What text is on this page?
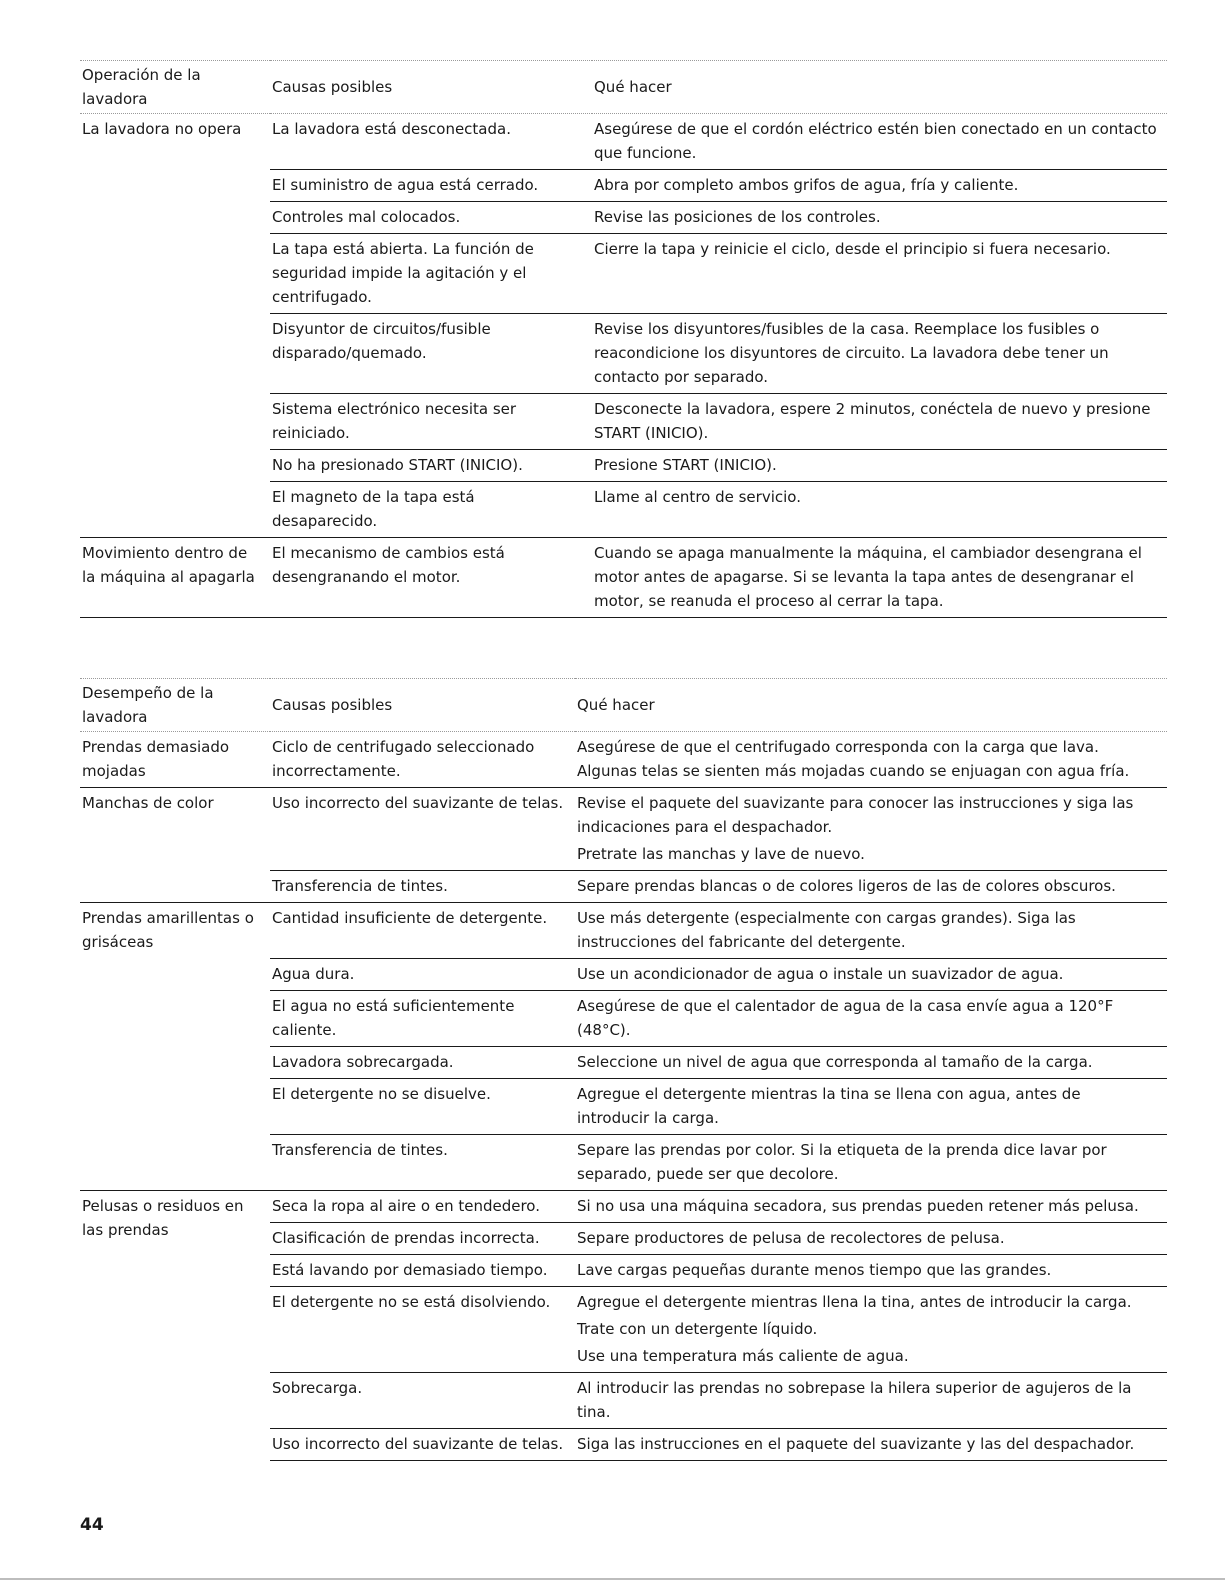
Operación de la lavadora	Causas posibles	Qué hacer
La lavadora no opera	La lavadora está desconectada.	Asegúrese de que el cordón eléctrico estén bien conectado en un contacto que funcione.

	El suministro de agua está cerrado.	Abra por completo ambos grifos de agua, fría y caliente.

	Controles mal colocados.	Revise las posiciones de los controles.

	La tapa está abierta. La función de seguridad impide la agitación y el centrifugado.	Cierre la tapa y reinicie el ciclo, desde el principio si fuera necesario.

	Disyuntor de circuitos/fusible disparado/quemado.	Revise los disyuntores/fusibles de la casa. Reemplace los fusibles o reacondicione los disyuntores de circuito. La lavadora debe tener un contacto por separado.

	Sistema electrónico necesita ser reiniciado.	Desconecte la lavadora, espere 2 minutos, conéctela de nuevo y presione START (INICIO).

	No ha presionado START (INICIO).	Presione START (INICIO).

	El magneto de la tapa está desaparecido.	Llame al centro de servicio.

Movimiento dentro de la máquina al apagarla	El mecanismo de cambios está desengranando el motor.	Cuando se apaga manualmente la máquina, el cambiador desengrana el motor antes de apagarse. Si se levanta la tapa antes de desengranar el motor, se reanuda el proceso al cerrar la tapa.
Desempeño de la lavadora	Causas posibles	Qué hacer
Prendas demasiado mojadas	Ciclo de centrifugado seleccionado incorrectamente.	Asegúrese de que el centrifugado corresponda con la carga que lava. Algunas telas se sienten más mojadas cuando se enjuagan con agua fría.

Manchas de color	Uso incorrecto del suavizante de telas.	Revise el paquete del suavizante para conocer las instrucciones y siga las indicaciones para el despachador.
Pretrate las manchas y lave de nuevo.

	Transferencia de tintes.	Separe prendas blancas o de colores ligeros de las de colores obscuros.

Prendas amarillentas o grisáceas	Cantidad insuficiente de detergente.	Use más detergente (especialmente con cargas grandes). Siga las instrucciones del fabricante del detergente.

	Agua dura.	Use un acondicionador de agua o instale un suavizador de agua.

	El agua no está suficientemente caliente.	Asegúrese de que el calentador de agua de la casa envíe agua a 120°F (48°C).

	Lavadora sobrecargada.	Seleccione un nivel de agua que corresponda al tamaño de la carga.

	El detergente no se disuelve.	Agregue el detergente mientras la tina se llena con agua, antes de introducir la carga.

	Transferencia de tintes.	Separe las prendas por color. Si la etiqueta de la prenda dice lavar por separado, puede ser que decolore.

Pelusas o residuos en las prendas	Seca la ropa al aire o en tendedero.	Si no usa una máquina secadora, sus prendas pueden retener más pelusa.

	Clasificación de prendas incorrecta.	Separe productores de pelusa de recolectores de pelusa.

	Está lavando por demasiado tiempo.	Lave cargas pequeñas durante menos tiempo que las grandes.

	El detergente no se está disolviendo.	Agregue el detergente mientras llena la tina, antes de introducir la carga.
Trate con un detergente líquido.
Use una temperatura más caliente de agua.

	Sobrecarga.	Al introducir las prendas no sobrepase la hilera superior de agujeros de la tina.

	Uso incorrecto del suavizante de telas.	Siga las instrucciones en el paquete del suavizante y las del despachador.
44
